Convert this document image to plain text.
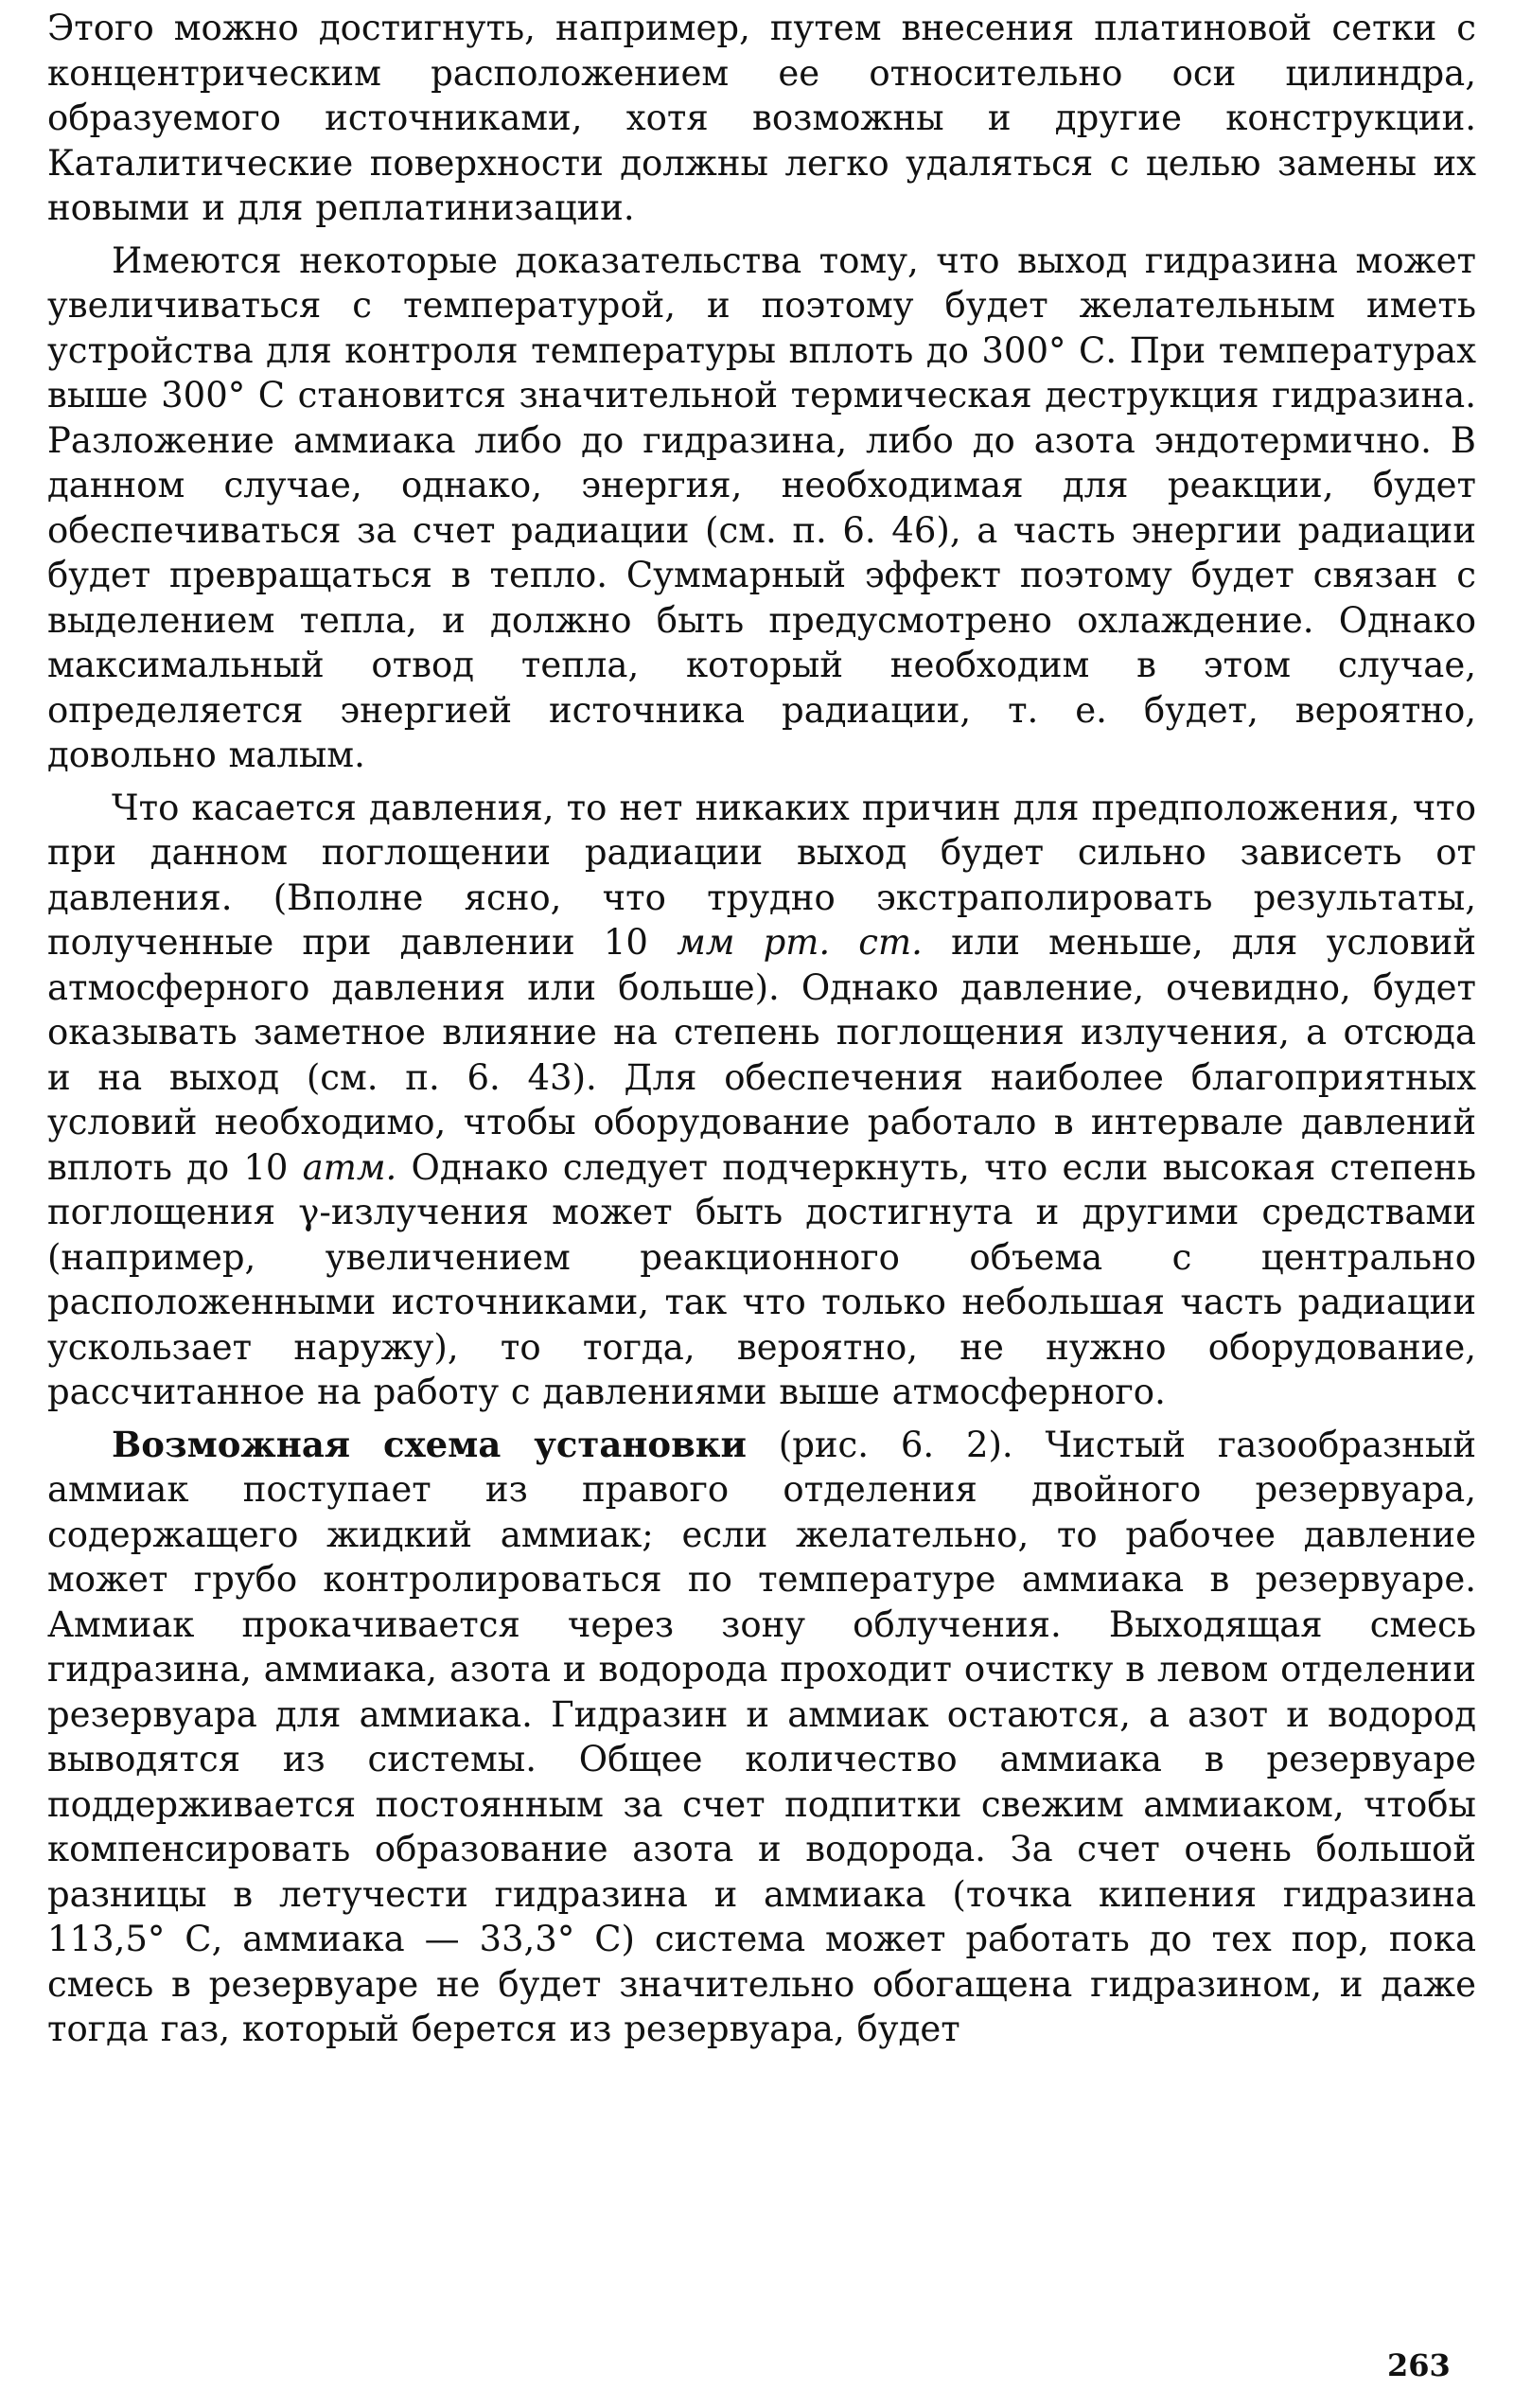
Этого можно достигнуть, например, путем внесения платиновой сетки с концентрическим расположением ее относительно оси цилиндра, образуемого источниками, хотя возможны и другие конструкции. Каталитические поверхности должны легко удаляться с целью замены их новыми и для реплатинизации.

Имеются некоторые доказательства тому, что выход гидразина может увеличиваться с температурой, и поэтому будет желательным иметь устройства для контроля температуры вплоть до 300° С. При температурах выше 300° С становится значительной термическая деструкция гидразина. Разложение аммиака либо до гидразина, либо до азота эндотермично. В данном случае, однако, энергия, необходимая для реакции, будет обеспечиваться за счет радиации (см. п. 6. 46), а часть энергии радиации будет превращаться в тепло. Суммарный эффект поэтому будет связан с выделением тепла, и должно быть предусмотрено охлаждение. Однако максимальный отвод тепла, который необходим в этом случае, определяется энергией источника радиации, т. е. будет, вероятно, довольно малым.

Что касается давления, то нет никаких причин для предположения, что при данном поглощении радиации выход будет сильно зависеть от давления. (Вполне ясно, что трудно экстраполировать результаты, полученные при давлении 10 мм рт. ст. или меньше, для условий атмосферного давления или больше). Однако давление, очевидно, будет оказывать заметное влияние на степень поглощения излучения, а отсюда и на выход (см. п. 6. 43). Для обеспечения наиболее благоприятных условий необходимо, чтобы оборудование работало в интервале давлений вплоть до 10 атм. Однако следует подчеркнуть, что если высокая степень поглощения γ-излучения может быть достигнута и другими средствами (например, увеличением реакционного объема с центрально расположенными источниками, так что только небольшая часть радиации ускользает наружу), то тогда, вероятно, не нужно оборудование, рассчитанное на работу с давлениями выше атмосферного.

Возможная схема установки (рис. 6. 2). Чистый газообразный аммиак поступает из правого отделения двойного резервуара, содержащего жидкий аммиак; если желательно, то рабочее давление может грубо контролироваться по температуре аммиака в резервуаре. Аммиак прокачивается через зону облучения. Выходящая смесь гидразина, аммиака, азота и водорода проходит очистку в левом отделении резервуара для аммиака. Гидразин и аммиак остаются, а азот и водород выводятся из системы. Общее количество аммиака в резервуаре поддерживается постоянным за счет подпитки свежим аммиаком, чтобы компенсировать образование азота и водорода. За счет очень большой разницы в летучести гидразина и аммиака (точка кипения гидразина 113,5° С, аммиака — 33,3° С) система может работать до тех пор, пока смесь в резервуаре не будет значительно обогащена гидразином, и даже тогда газ, который берется из резервуара, будет

263
